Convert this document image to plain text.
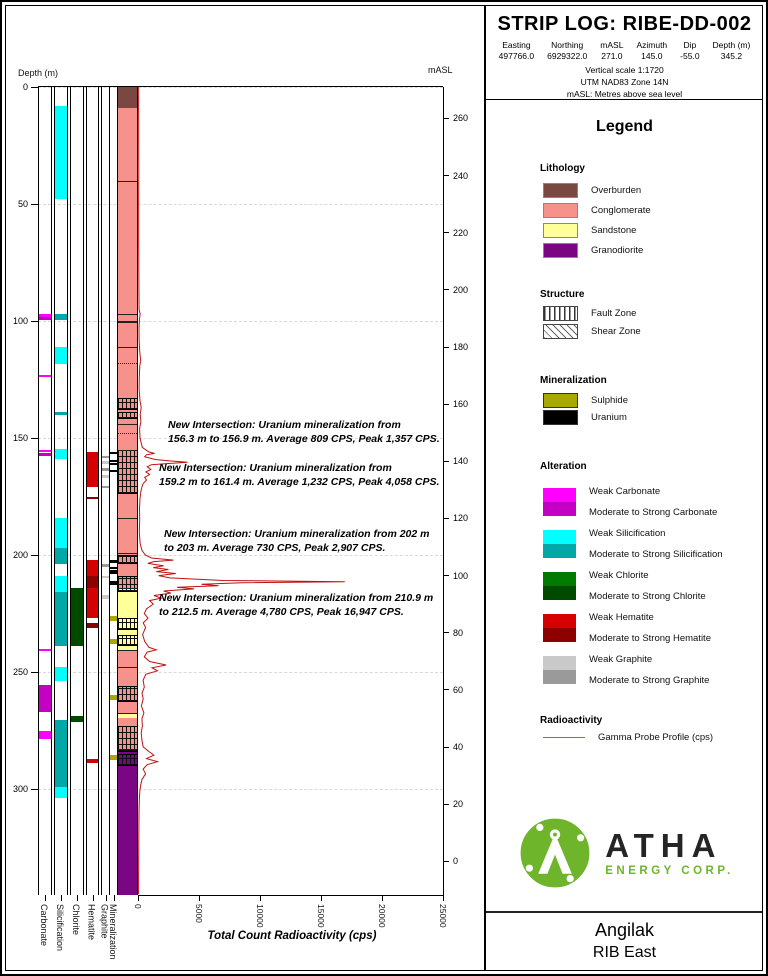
Depth (m)	mASL
Total Count Radioactivity (cps)
0
50
100
150
200
250
300
260
240
220
200
180
160
140
120
100
80
60
40
20
0
Carbonate Silicification Chlorite Hematite Graphite
Mineralization 0	5000	10000	15000	20000	25000
New Intersection: Uranium mineralization from
156.3 m to 156.9 m. Average 809 CPS, Peak 1,357 CPS.
New Intersection: Uranium mineralization from
159.2 m to 161.4 m. Average 1,232 CPS, Peak 4,058 CPS.
New Intersection: Uranium mineralization from 202 m
to 203 m. Average 730 CPS, Peak 2,907 CPS.
New Intersection: Uranium mineralization from 210.9 m
to 212.5 m. Average 4,780 CPS, Peak 16,947 CPS.
STRIP LOG: RIBE-DD-002
Easting
497766.0
Northing
6929322.0
mASL
271.0
Azimuth
145.0
Dip
-55.0
Depth (m)
345.2
Vertical scale 1:1720
UTM NAD83 Zone 14N
mASL: Metres above sea level
Legend
Lithology
Structure
Mineralization
Alteration
Radioactivity
Gamma Probe Profile (cps)
ATHA
ENERGY CORP.
Angilak
RIB East
Overburden
Conglomerate
Sandstone
Granodiorite
Fault Zone
Shear Zone
Sulphide
Uranium
Weak Carbonate
Moderate to Strong Carbonate
Weak Silicification
Moderate to Strong Silicification
Weak Chlorite
Moderate to Strong Chlorite
Weak Hematite
Moderate to Strong Hematite
Weak Graphite
Moderate to Strong Graphite
